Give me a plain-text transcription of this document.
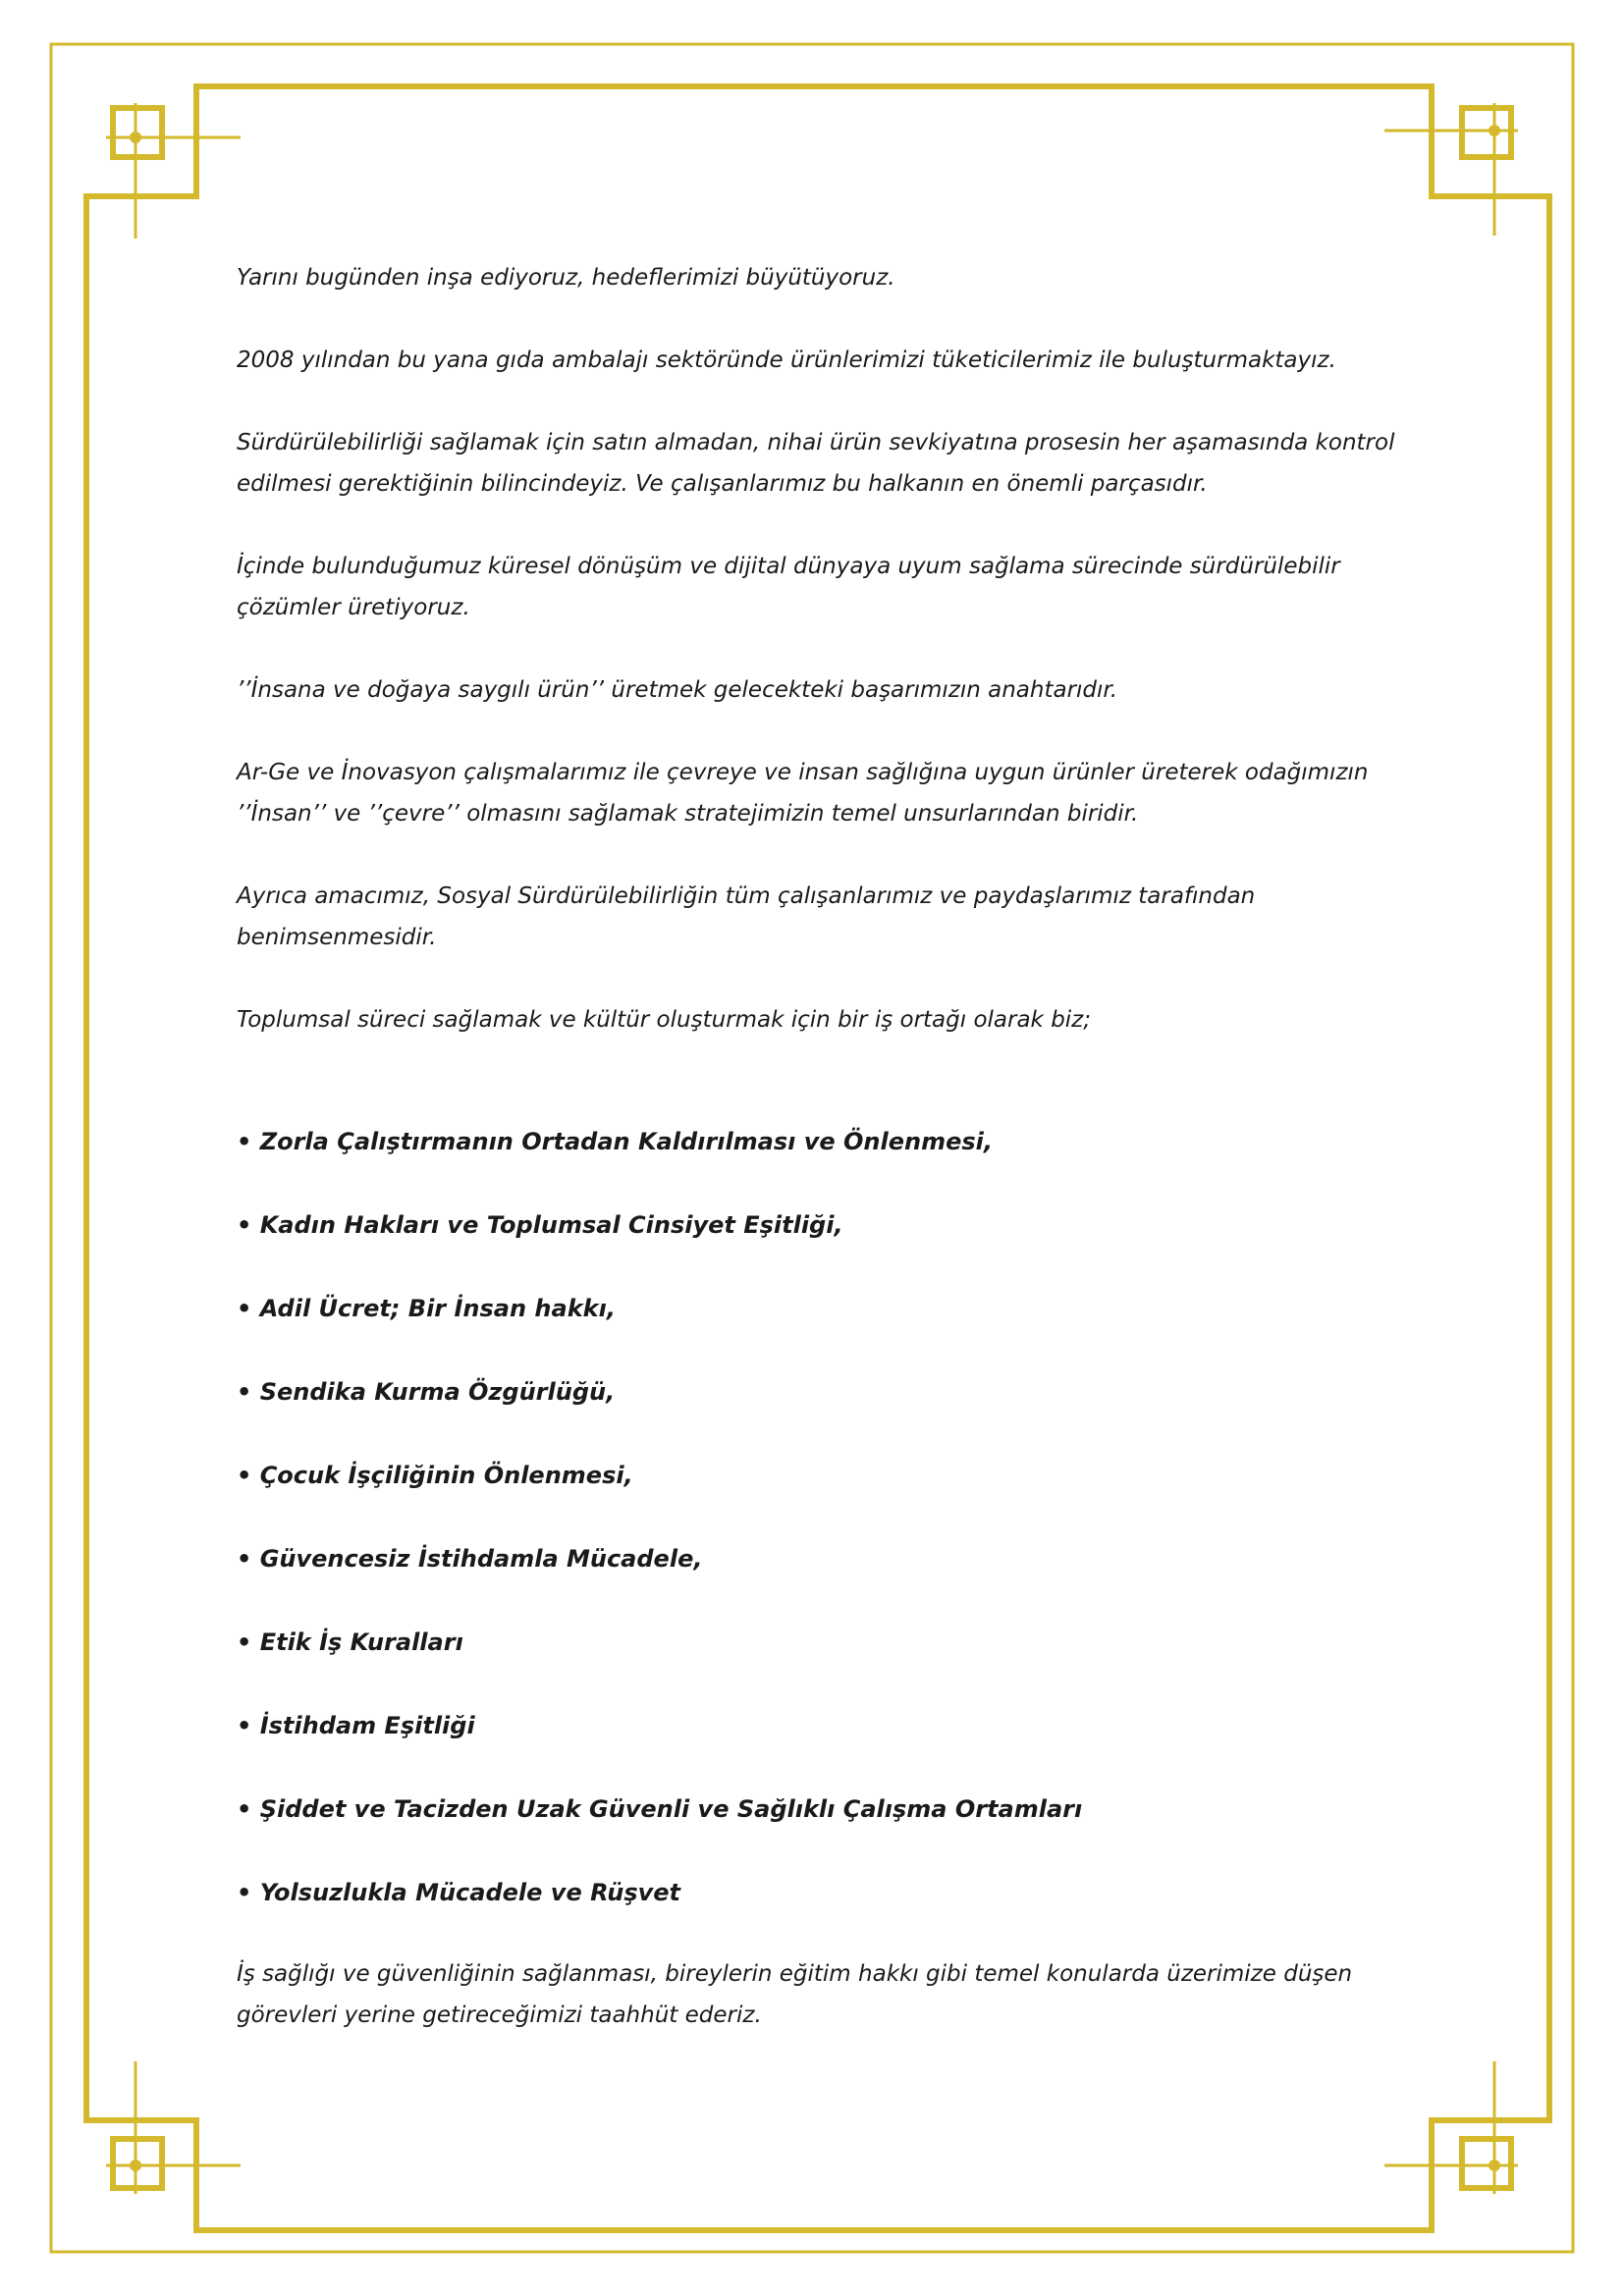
Yarını bugünden inşa ediyoruz, hedeflerimizi büyütüyoruz.

2008 yılından bu yana gıda ambalajı sektöründe ürünlerimizi tüketicilerimiz ile buluşturmaktayız.

Sürdürülebilirliği sağlamak için satın almadan, nihai ürün sevkiyatına prosesin her aşamasında kontrol
edilmesi gerektiğinin bilincindeyiz. Ve çalışanlarımız bu halkanın en önemli parçasıdır.

İçinde bulunduğumuz küresel dönüşüm ve dijital dünyaya uyum sağlama sürecinde sürdürülebilir
çözümler üretiyoruz.

’’İnsana ve doğaya saygılı ürün’’ üretmek gelecekteki başarımızın anahtarıdır.

Ar-Ge ve İnovasyon çalışmalarımız ile çevreye ve insan sağlığına uygun ürünler üreterek odağımızın
’’İnsan’’ ve ’’çevre’’ olmasını sağlamak stratejimizin temel unsurlarından biridir.

Ayrıca amacımız, Sosyal Sürdürülebilirliğin tüm çalışanlarımız ve paydaşlarımız tarafından
benimsenmesidir.

Toplumsal süreci sağlamak ve kültür oluşturmak için bir iş ortağı olarak biz;

• Zorla Çalıştırmanın Ortadan Kaldırılması ve Önlenmesi,

• Kadın Hakları ve Toplumsal Cinsiyet Eşitliği,

• Adil Ücret; Bir İnsan hakkı,

• Sendika Kurma Özgürlüğü,

• Çocuk İşçiliğinin Önlenmesi,

• Güvencesiz İstihdamla Mücadele,

• Etik İş Kuralları

• İstihdam Eşitliği

• Şiddet ve Tacizden Uzak Güvenli ve Sağlıklı Çalışma Ortamları

• Yolsuzlukla Mücadele ve Rüşvet

İş sağlığı ve güvenliğinin sağlanması, bireylerin eğitim hakkı gibi temel konularda üzerimize düşen
görevleri yerine getireceğimizi taahhüt ederiz.
